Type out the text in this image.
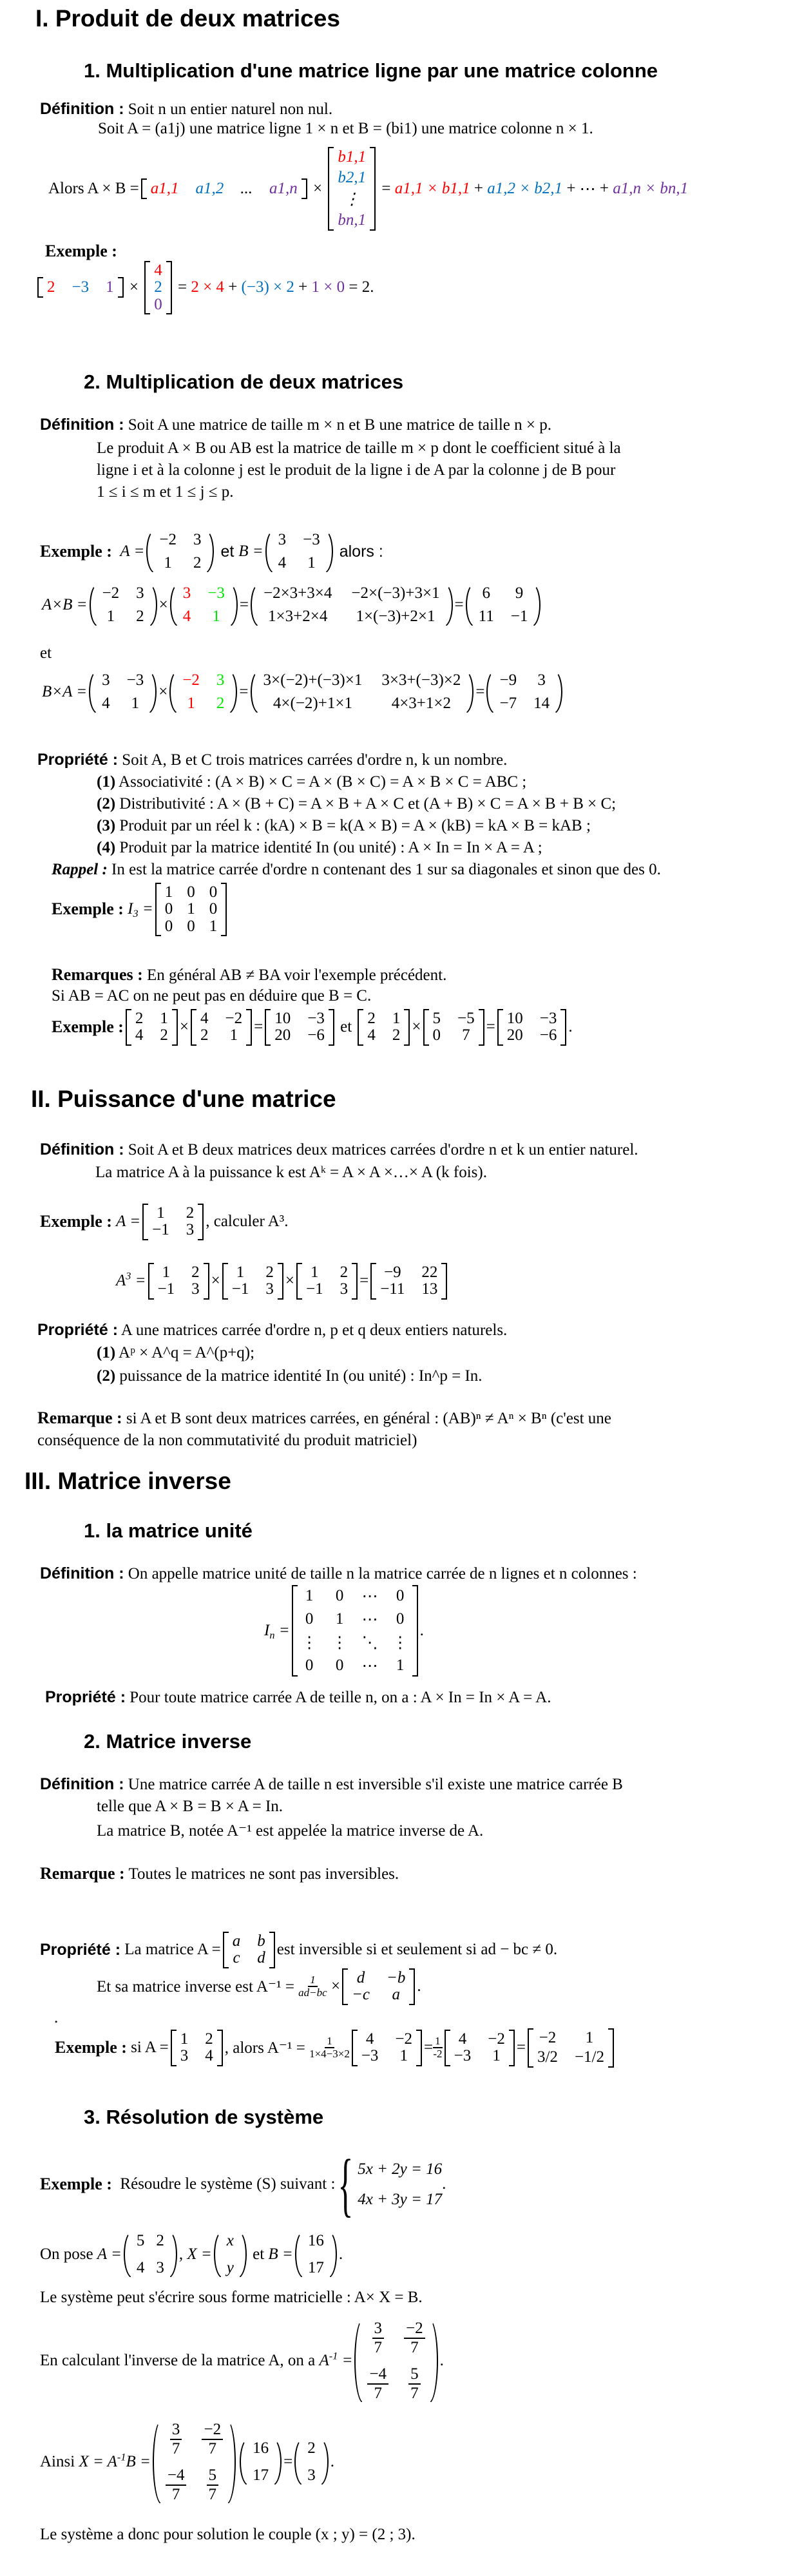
I. Produit de deux matrices
1. Multiplication d'une matrice ligne par une matrice colonne
Définition : Soit n un entier naturel non nul.
Soit A = (a1j) une matrice ligne 1 × n et B = (bi1) une matrice colonne n × 1.
Alors A × B = a1,1 a1,2 ... a1,n ×
b1,1
b2,1
⋮
bn,1
= a1,1 × b1,1 + a1,2 × b2,1 + ⋯ + a1,n × bn,1
Exemple :
2 −3 1 ×
4
2
0
= 2 × 4 + (−3) × 2 + 1 × 0 = 2 .
2. Multiplication de deux matrices
Définition : Soit A une matrice de taille m × n et B une matrice de taille n × p.
Le produit A × B ou AB est la matrice de taille m × p dont le coefficient situé à la
ligne i et à la colonne j est le produit de la ligne i de A par la colonne j de B pour
1 ≤ i ≤ m et 1 ≤ j ≤ p.
Exemple : A =
−2 3
1 2
et B =
3 −3
4 1
alors :
A×B =
−2 3
1 2
×
3 −3
4 1
=
−2×3+3×4 −2×(−3)+3×1
1×3+2×4 1×(−3)+2×1
=
6 9
11 −1
et
B×A =
3 −3
4 1
×
−2 3
1 2
=
3×(−2)+(−3)×1 3×3+(−3)×2
4×(−2)+1×1 4×3+1×2
=
−9 3
−7 14
Propriété : Soit A, B et C trois matrices carrées d'ordre n, k un nombre.
(1) Associativité : (A × B) × C = A × (B × C) = A × B × C = ABC ;
(2) Distributivité : A × (B + C) = A × B + A × C et (A + B) × C = A × B + B × C;
(3) Produit par un réel k : (kA) × B = k(A × B) = A × (kB) = kA × B = kAB ;
(4) Produit par la matrice identité In (ou unité) : A × In = In × A = A ;
Rappel : In est la matrice carrée d'ordre n contenant des 1 sur sa diagonales et sinon que des 0.
Exemple : $I_3$ =
1 0 0
0 1 0
0 0 1
Remarques : En général AB ≠ BA voir l'exemple précédent.
Si AB = AC on ne peut pas en déduire que B = C.
Exemple : 2 1
4 2 × 4 −2
2 1 = 10 −3
20 −6 et 2 1
4 2 × 5 −5
0 7 = 10 −3
20 −6 .
II. Puissance d'une matrice
Définition : Soit A et B deux matrices deux matrices carrées d'ordre n et k un entier naturel.
La matrice A à la puissance k est Aᵏ = A × A ×…× A (k fois).
Exemple : A = 1 2
−1 3 , calculer A³.
$A^3 = 1$ 2
−1 3 × 1 2
−1 3 × 1 2
−1 3 = −9 22
−11 13
Propriété : A une matrices carrée d'ordre n, p et q deux entiers naturels.
(1) Aᵖ × A^q = A^(p+q);
(2) puissance de la matrice identité In (ou unité) : In^p = In.
Remarque : si A et B sont deux matrices carrées, en général : (AB)ⁿ ≠ Aⁿ × Bⁿ (c'est une
conséquence de la non commutativité du produit matriciel)
III. Matrice inverse
1. la matrice unité
Définition : On appelle matrice unité de taille n la matrice carrée de n lignes et n colonnes :
$I_n$ =
1 0 ⋯ 0
0 1 ⋯ 0
⋮ ⋮ ⋱ ⋮
0 0 ⋯ 1
.
Propriété : Pour toute matrice carrée A de teille n, on a : A × In = In × A = A.
2. Matrice inverse
Définition : Une matrice carrée A de taille n est inversible s'il existe une matrice carrée B
telle que A × B = B × A = In.
La matrice B, notée A⁻¹ est appelée la matrice inverse de A.
Remarque : Toutes le matrices ne sont pas inversibles.
Propriété :
La matrice A = a b
c d est inversible si et seulement si ad − bc ≠ 0.
Et sa matrice inverse est A⁻¹ =
$\frac{1}{ad-bc} \times d -b$
−c a .
.
Exemple :
si A = 1 2
3 4 , alors A⁻¹ =
$\frac{1}{1\times 4-3\times 2} 4 -2$
−3 $1 = \frac{1}{-2} 4 -2$
−3 1 =
−2 1
3/2 −1/2
3. Résolution de système
Exemple :
Résoudre le système (S) suivant : { 5x + 2y = 16
4x + 3y = 17
.
On pose A =
5 2
4 3
, X =
x
y
et B =
16
17
.
Le système peut s'écrire sous forme matricielle : A× X = B.
En calculant l'inverse de la matrice A, on a $A^{-1}$ =
$\frac{3}{7} \frac{-2}{7}$
$\frac{-4}{7} \frac{5}{7}$
.
Ainsi $X = A^{-1}B$ =
$\frac{3}{7} \frac{-2}{7}$
$\frac{-4}{7} \frac{5}{7}$
16
17
=
2
3
.
Le système a donc pour solution le couple (x ; y) = (2 ; 3).
